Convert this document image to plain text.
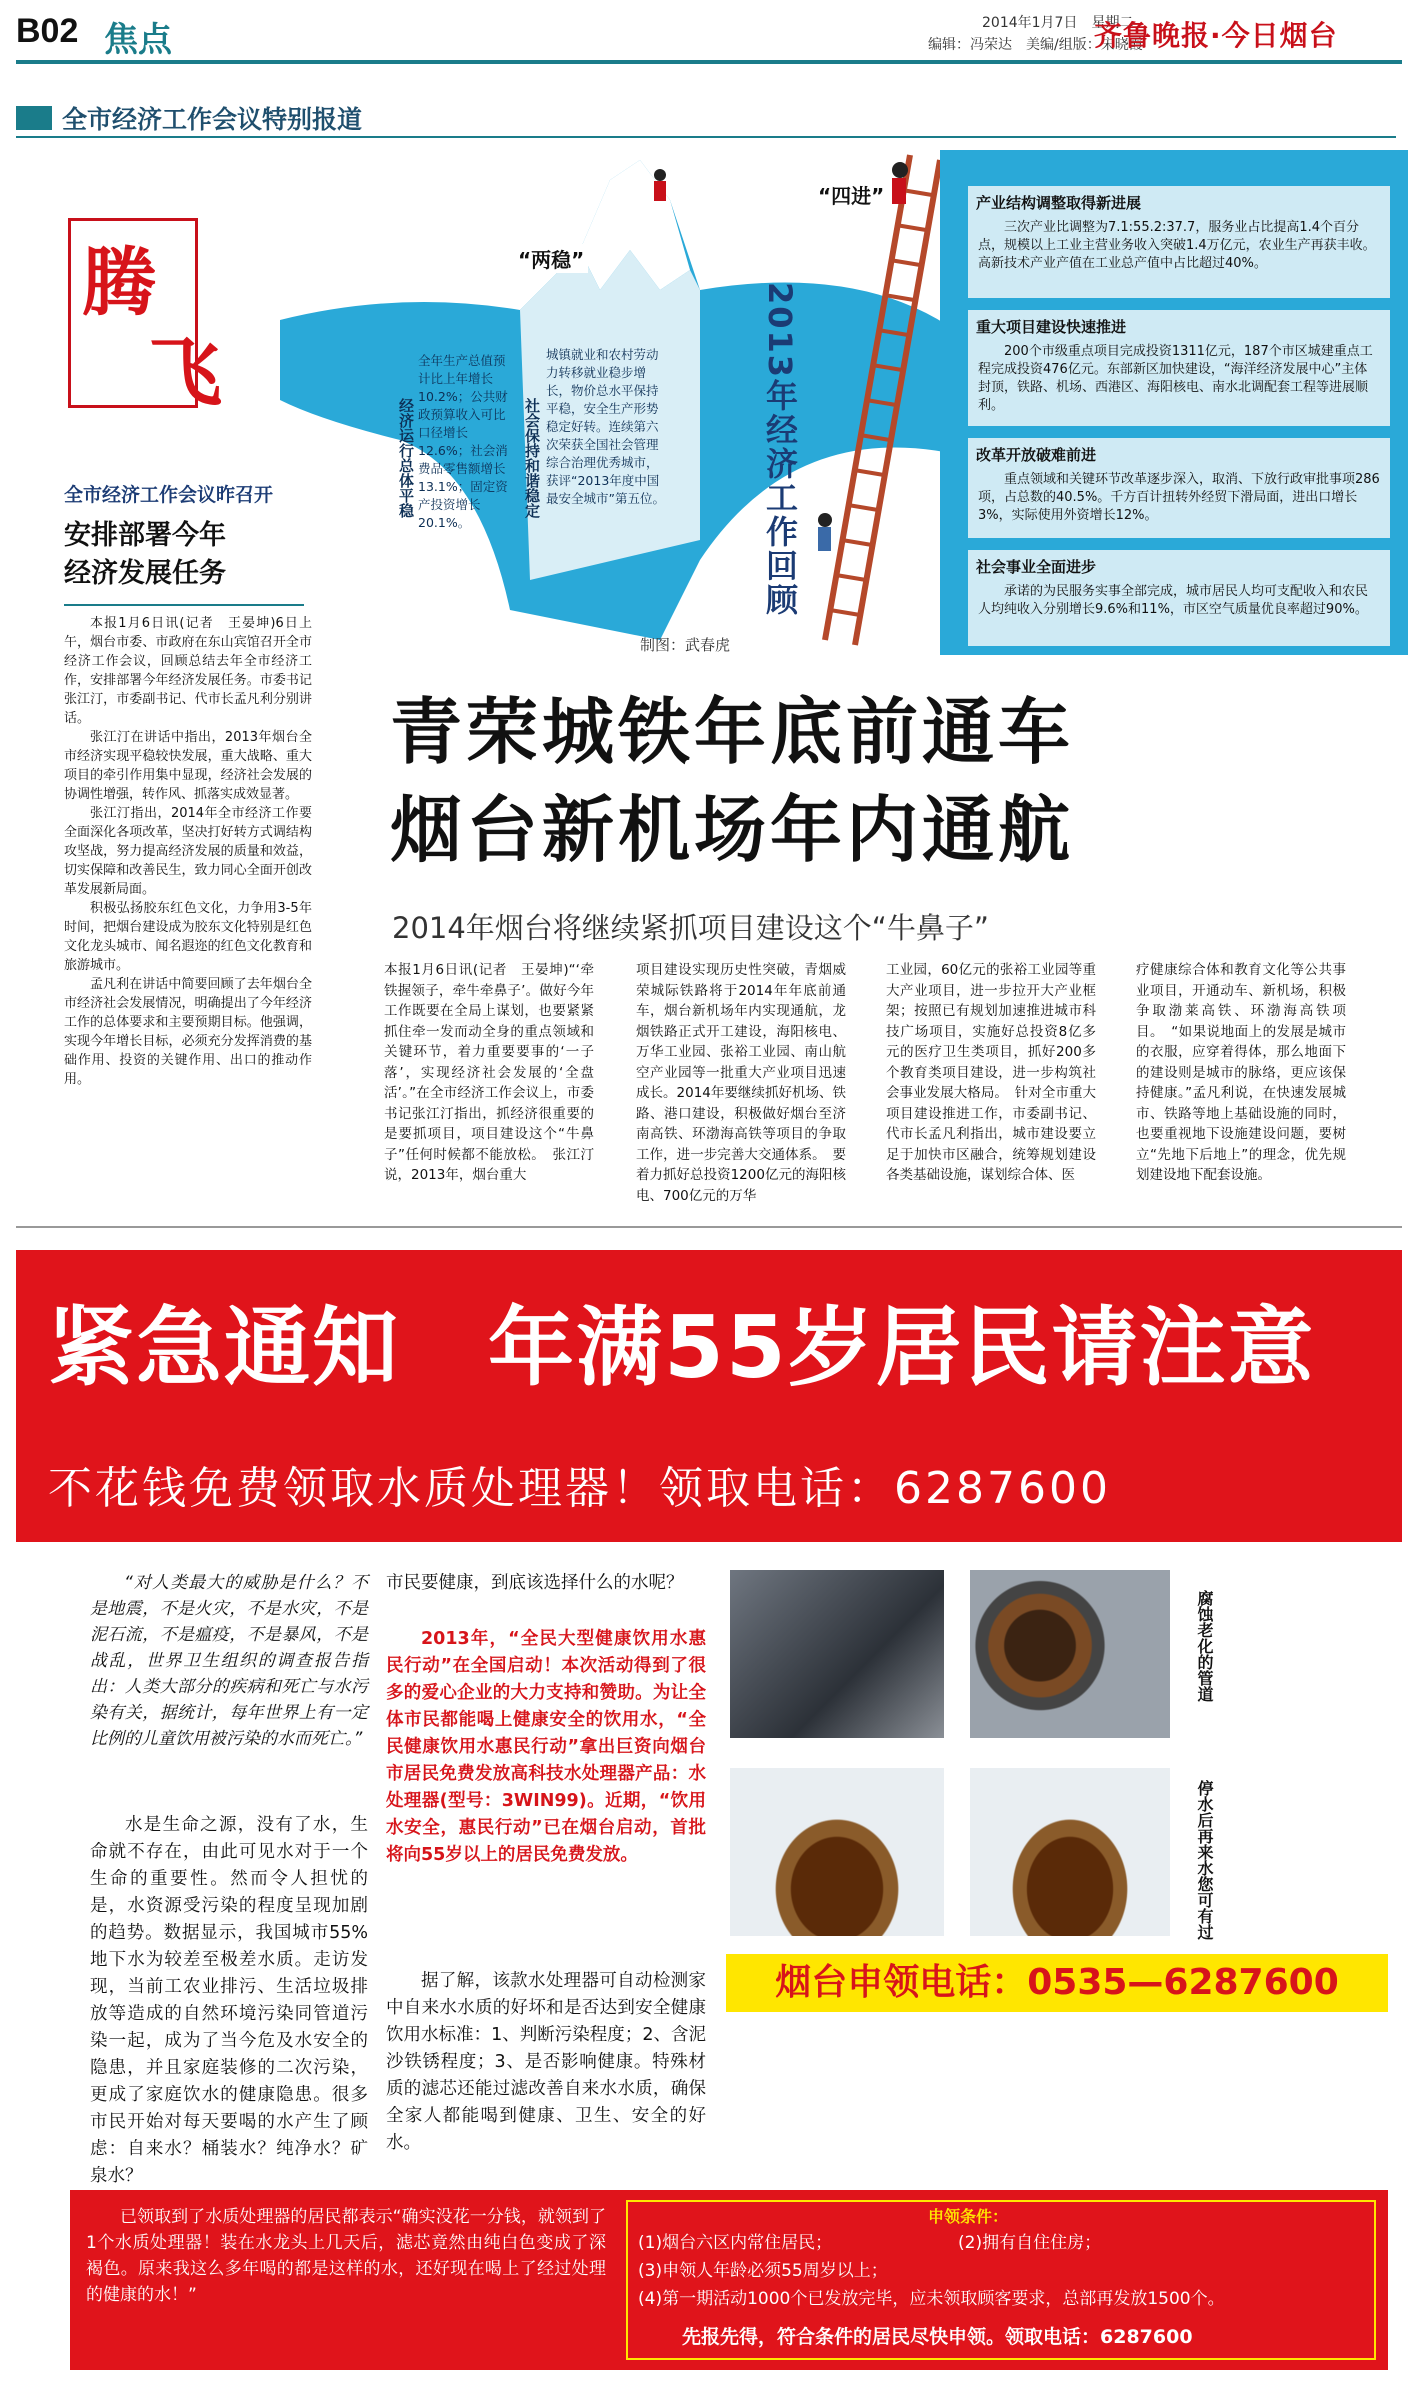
B02 焦点	2014年1月7日　星期二
编辑：冯荣达　美编/组版：宋晓霞
齐鲁晚报·今日烟台
全市经济工作会议特别报道
腾
飞
“两稳”
“四进”
经济运行总体平稳
全年生产总值预计比上年增长10.2%；公共财政预算收入可比口径增长12.6%；社会消费品零售额增长13.1%；固定资产投资增长20.1%。
社会保持和谐稳定
城镇就业和农村劳动力转移就业稳步增长，物价总水平保持平稳，安全生产形势稳定好转。连续第六次荣获全国社会管理综合治理优秀城市，获评“2013年度中国最安全城市”第五位。	2013年经济工作回顾
产业结构调整取得新进展
三次产业比调整为7.1:55.2:37.7，服务业占比提高1.4个百分点，规模以上工业主营业务收入突破1.4万亿元，农业生产再获丰收。高新技术产业产值在工业总产值中占比超过40%。
重大项目建设快速推进
200个市级重点项目完成投资1311亿元，187个市区城建重点工程完成投资476亿元。东部新区加快建设，“海洋经济发展中心”主体封顶，铁路、机场、西港区、海阳核电、南水北调配套工程等进展顺利。
改革开放破难前进
重点领域和关键环节改革逐步深入，取消、下放行政审批事项286项，占总数的40.5%。千方百计扭转外经贸下滑局面，进出口增长3%，实际使用外资增长12%。
社会事业全面进步
承诺的为民服务实事全部完成，城市居民人均可支配收入和农民人均纯收入分别增长9.6%和11%，市区空气质量优良率超过90%。
制图：武春虎
全市经济工作会议昨召开
安排部署今年
经济发展任务

本报1月6日讯(记者　王晏坤)6日上午，烟台市委、市政府在东山宾馆召开全市经济工作会议，回顾总结去年全市经济工作，安排部署今年经济发展任务。市委书记张江汀，市委副书记、代市长孟凡利分别讲话。

张江汀在讲话中指出，2013年烟台全市经济实现平稳较快发展，重大战略、重大项目的牵引作用集中显现，经济社会发展的协调性增强，转作风、抓落实成效显著。

张江汀指出，2014年全市经济工作要全面深化各项改革，坚决打好转方式调结构攻坚战，努力提高经济发展的质量和效益，切实保障和改善民生，致力同心全面开创改革发展新局面。

积极弘扬胶东红色文化，力争用3-5年时间，把烟台建设成为胶东文化特别是红色文化龙头城市、闻名遐迩的红色文化教育和旅游城市。

孟凡利在讲话中简要回顾了去年烟台全市经济社会发展情况，明确提出了今年经济工作的总体要求和主要预期目标。他强调，实现今年增长目标，必须充分发挥消费的基础作用、投资的关键作用、出口的推动作用。

青荣城铁年底前通车
烟台新机场年内通航
2014年烟台将继续紧抓项目建设这个“牛鼻子”
本报1月6日讯(记者　王晏坤)“‘牵铁握领子，牵牛牵鼻子’。做好今年工作既要在全局上谋划，也要紧紧抓住牵一发而动全身的重点领域和关键环节，着力重要要事的‘一子落’，实现经济社会发展的‘全盘活’。”在全市经济工作会议上，市委书记张江汀指出，抓经济很重要的是要抓项目，项目建设这个“牛鼻子”任何时候都不能放松。　张江汀说，2013年，烟台重大
项目建设实现历史性突破，青烟威荣城际铁路将于2014年年底前通车，烟台新机场年内实现通航，龙烟铁路正式开工建设，海阳核电、万华工业园、张裕工业园、南山航空产业园等一批重大产业项目迅速成长。2014年要继续抓好机场、铁路、港口建设，积极做好烟台至济南高铁、环渤海高铁等项目的争取工作，进一步完善大交通体系。　要着力抓好总投资1200亿元的海阳核电、700亿元的万华
工业园，60亿元的张裕工业园等重大产业项目，进一步拉开大产业框架；按照已有规划加速推进城市科技广场项目，实施好总投资8亿多元的医疗卫生类项目，抓好200多个教育类项目建设，进一步构筑社会事业发展大格局。　针对全市重大项目建设推进工作，市委副书记、代市长孟凡利指出，城市建设要立足于加快市区融合，统筹规划建设各类基础设施，谋划综合体、医
疗健康综合体和教育文化等公共事业项目，开通动车、新机场，积极争取渤莱高铁、环渤海高铁项目。　“如果说地面上的发展是城市的衣服，应穿着得体，那么地面下的建设则是城市的脉络，更应该保持健康。”孟凡利说，在快速发展城市、铁路等地上基础设施的同时，也要重视地下设施建设问题，要树立“先地下后地上”的理念，优先规划建设地下配套设施。
紧急通知　年满55岁居民请注意
不花钱免费领取水质处理器！领取电话：6287600
“对人类最大的威胁是什么？不是地震，不是火灾，不是水灾，不是泥石流，不是瘟疫，不是暴风，不是战乱，世界卫生组织的调查报告指出：人类大部分的疾病和死亡与水污染有关，据统计，每年世界上有一定比例的儿童饮用被污染的水而死亡。”
水是生命之源，没有了水，生命就不存在，由此可见水对于一个生命的重要性。然而令人担忧的是，水资源受污染的程度呈现加剧的趋势。数据显示，我国城市55%地下水为较差至极差水质。走访发现，当前工农业排污、生活垃圾排放等造成的自然环境污染同管道污染一起，成为了当今危及水安全的隐患，并且家庭装修的二次污染，更成了家庭饮水的健康隐患。很多市民开始对每天要喝的水产生了顾虑：自来水？桶装水？纯净水？矿泉水？
市民要健康，到底该选择什么的水呢？
2013年，“全民大型健康饮用水惠民行动”在全国启动！本次活动得到了很多的爱心企业的大力支持和赞助。为让全体市民都能喝上健康安全的饮用水，“全民健康饮用水惠民行动”拿出巨资向烟台市居民免费发放高科技水处理器产品：水处理器(型号：3WIN99)。近期，“饮用水安全，惠民行动”已在烟台启动，首批将向55岁以上的居民免费发放。
据了解，该款水处理器可自动检测家中自来水水质的好坏和是否达到安全健康饮用水标准：1、判断污染程度；2、含泥沙铁锈程度；3、是否影响健康。特殊材质的滤芯还能过滤改善自来水水质，确保全家人都能喝到健康、卫生、安全的好水。
腐蚀老化的管道
停水后再来水您可有过
烟台申领电话：0535—6287600
已领取到了水质处理器的居民都表示“确实没花一分钱，就领到了1个水质处理器！装在水龙头上几天后，滤芯竟然由纯白色变成了深褐色。原来我这么多年喝的都是这样的水，还好现在喝上了经过处理的健康的水！”
申领条件：
(1)烟台六区内常住居民；	(2)拥有自住住房；
(3)申领人年龄必须55周岁以上；
(4)第一期活动1000个已发放完毕，应未领取顾客要求，总部再发放1500个。
先报先得，符合条件的居民尽快申领。领取电话：6287600
